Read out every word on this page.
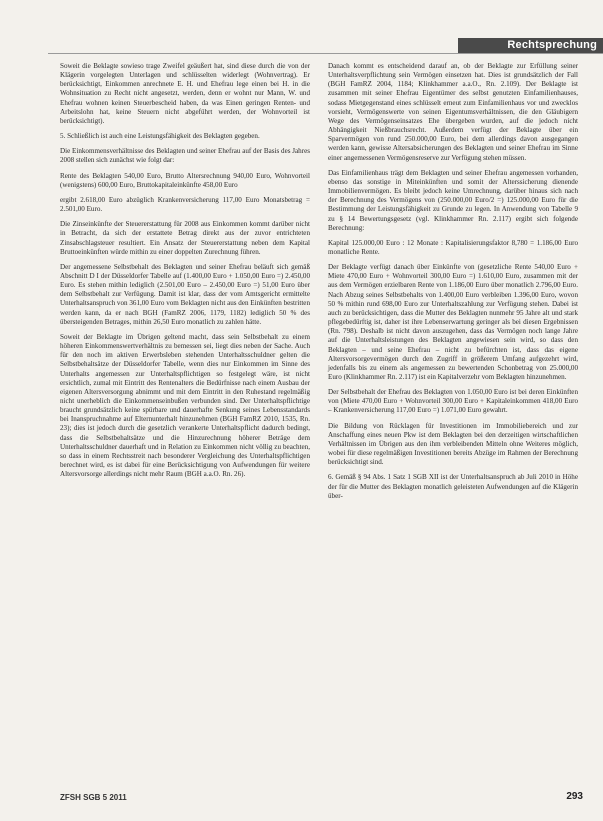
Rechtsprechung

Soweit die Beklagte sowieso trage Zweifel geäußert hat, sind diese durch die von der Klägerin vorgelegten Unterlagen und schlüsselten widerlegt (Wohnvertrag). Er berücksichtigt, Einkommen anrechnete E. H. und Ehefrau lege einen bei H. in die Wohnsituation zu Recht nicht angesetzt, werden, denn er wohnt nur Mann, W. und Ehefrau wohnen keinen Steuerbescheid haben, da was Einen geringen Renten- und Arbeitslohn hat, keine Steuern nicht abgeführt werden, der Wohnvorteil ist berücksichtigt).

5. Schließlich ist auch eine Leistungsfähigkeit des Beklagten gegeben.

Die Einkommensverhältnisse des Beklagten und seiner Ehefrau auf der Basis des Jahres 2008 stellen sich zunächst wie folgt dar:

Rente des Beklagten 540,00 Euro, Brutto Altersrechnung 940,00 Euro, Wohnvorteil (wenigstens) 600,00 Euro, Bruttokapitaleinkünfte 458,00 Euro

ergibt 2.618,00 Euro abzüglich Krankenversicherung 117,00 Euro Monatsbetrag = 2.501,00 Euro.

Die Zinseinkünfte der Steuererstattung für 2008 aus Einkommen kommt darüber nicht in Betracht, da sich der erstattete Betrag direkt aus der zuvor entrichteten Zinsabschlagsteuer resultiert. Ein Ansatz der Steuererstattung neben dem Kapital Bruttoeinkünften würde mithin zu einer doppelten Zurechnung führen.

Der angemessene Selbstbehalt des Beklagten und seiner Ehefrau beläuft sich gemäß Abschnitt D I der Düsseldorfer Tabelle auf (1.400,00 Euro + 1.050,00 Euro =) 2.450,00 Euro. Es stehen mithin lediglich (2.501,00 Euro – 2.450,00 Euro =) 51,00 Euro über dem Selbstbehalt zur Verfügung. Damit ist klar, dass der vom Amtsgericht ermittelte Unterhaltsanspruch von 361,00 Euro vom Beklagten nicht aus den Einkünften bestritten werden kann, da er nach BGH (FamRZ 2006, 1179, 1182) lediglich 50 % des übersteigenden Betrages, mithin 26,50 Euro monatlich zu zahlen hätte.

Soweit der Beklagte im Übrigen geltend macht, dass sein Selbstbehalt zu einem höheren Einkommenswertverhältnis zu bemessen sei, liegt dies neben der Sache. Auch für den noch im aktiven Erwerbsleben stehenden Unterhaltsschuldner gelten die Selbstbehaltsätze der Düsseldorfer Tabelle, wenn dies nur Einkommen im Sinne des Unterhalts angemessen zur Unterhaltspflichtigen so festgelegt wäre, ist nicht ersichtlich, zumal mit Eintritt des Rentenalters die Bedürfnisse nach einem Ausbau der eigenen Altersversorgung abnimmt und mit dem Eintritt in den Ruhestand regelmäßig nicht unerheblich die Einkommenseinbußen verbunden sind. Der Unterhaltspflichtige braucht grundsätzlich keine spürbare und dauerhafte Senkung seines Lebensstandards bei Inanspruchnahme auf Elternunterhalt hinzunehmen (BGH FamRZ 2010, 1535, Rn. 23); dies ist jedoch durch die gesetzlich verankerte Unterhaltspflicht dadurch bedingt, dass die Selbstbehaltsätze und die Hinzurechnung höherer Beträge dem Unterhaltsschuldner dauerhaft und in Relation zu Einkommen nicht völlig zu beachten, so dass in einem Rechtsstreit nach besonderer Vergleichung des Unterhaltspflichtigen berechnet wird, es ist dabei für eine Berücksichtigung von Aufwendungen für weitere Altersvorsorge allerdings nicht mehr Raum (BGH a.a.O. Rn. 26).

Danach kommt es entscheidend darauf an, ob der Beklagte zur Erfüllung seiner Unterhaltsverpflichtung sein Vermögen einsetzen hat. Dies ist grundsätzlich der Fall (BGH FamRZ 2004, 1184; Klinkhammer a.a.O., Rn. 2.109). Der Beklagte ist zusammen mit seiner Ehefrau Eigentümer des selbst genutzten Einfamilienhauses, sodass Mietgegenstand eines schlüsselt erneut zum Einfamilienhaus vor und zwecklos vorsieht, Vermögenswerte von seinen Eigentumsverhältnissen, die den Gläubigern Wege des Vermögenseinsatzes Ehe übergeben wurden, auf die jedoch nicht Abhängigkeit Nießbrauchsrecht. Außerdem verfügt der Beklagte über ein Sparvermögen von rund 250.000,00 Euro, bei dem allerdings davon ausgegangen werden kann, gewisse Altersabsicherungen des Beklagten und seiner Ehefrau im Sinne einer angemessenen Vermögensreserve zur Verfügung stehen müssen.

Das Einfamilienhaus trägt dem Beklagten und seiner Ehefrau angemessen vorhanden, ebenso das sonstige in Miteinkünften und somit der Alterssicherung dienende Immobilienvermögen. Es bleibt jedoch keine Umrechnung, darüber hinaus sich nach der Berechnung des Vermögens von (250.000,00 Euro/2 =) 125.000,00 Euro für die Bestimmung der Leistungsfähigkeit zu Grunde zu legen. In Anwendung von Tabelle 9 zu § 14 Bewertungsgesetz (vgl. Klinkhammer Rn. 2.117) ergibt sich folgende Berechnung:

Kapital 125.000,00 Euro : 12 Monate : Kapitalisierungsfaktor 8,780 = 1.186,00 Euro monatliche Rente.

Der Beklagte verfügt danach über Einkünfte von (gesetzliche Rente 540,00 Euro + Miete 470,00 Euro + Wohnvorteil 300,00 Euro =) 1.610,00 Euro, zusammen mit der aus dem Vermögen erzielbaren Rente von 1.186,00 Euro über monatlich 2.796,00 Euro. Nach Abzug seines Selbstbehalts von 1.400,00 Euro verbleiben 1.396,00 Euro, wovon 50 % mithin rund 698,00 Euro zur Unterhaltszahlung zur Verfügung stehen. Dabei ist auch zu berücksichtigen, dass die Mutter des Beklagten nunmehr 95 Jahre alt und stark pflegebedürftig ist, daher ist ihre Lebenserwartung geringer als bei diesen Ergebnissen (Rn. 798). Deshalb ist nicht davon auszugehen, dass das Vermögen noch lange Jahre auf die Unterhaltsleistungen des Beklagten angewiesen sein wird, so dass den Beklagten – und seine Ehefrau – nicht zu befürchten ist, dass das eigene Altersvorsorgevermögen durch den Zugriff in größerem Umfang aufgezehrt wird, jedenfalls bis zu einem als angemessen zu bewertenden Schonbetrag von 25.000,00 Euro (Klinkhammer Rn. 2.117) ist ein Kapitalverzehr vom Beklagten hinzunehmen.

Der Selbstbehalt der Ehefrau des Beklagten von 1.050,00 Euro ist bei deren Einkünften von (Miete 470,00 Euro + Wohnvorteil 300,00 Euro + Kapitaleinkommen 418,00 Euro – Krankenversicherung 117,00 Euro =) 1.071,00 Euro gewahrt.

Die Bildung von Rücklagen für Investitionen im Immobiliebereich und zur Anschaffung eines neuen Pkw ist dem Beklagten bei den derzeitigen wirtschaftlichen Verhältnissen im Übrigen aus den ihm verbleibenden Mitteln ohne Weiteres möglich, wobei für diese regelmäßigen Investitionen bereits Abzüge im Rahmen der Berechnung berücksichtigt sind.

6. Gemäß § 94 Abs. 1 Satz 1 SGB XII ist der Unterhaltsanspruch ab Juli 2010 in Höhe der für die Mutter des Beklagten monatlich geleisteten Aufwendungen auf die Klägerin über-

ZFSH SGB 5 2011	293
